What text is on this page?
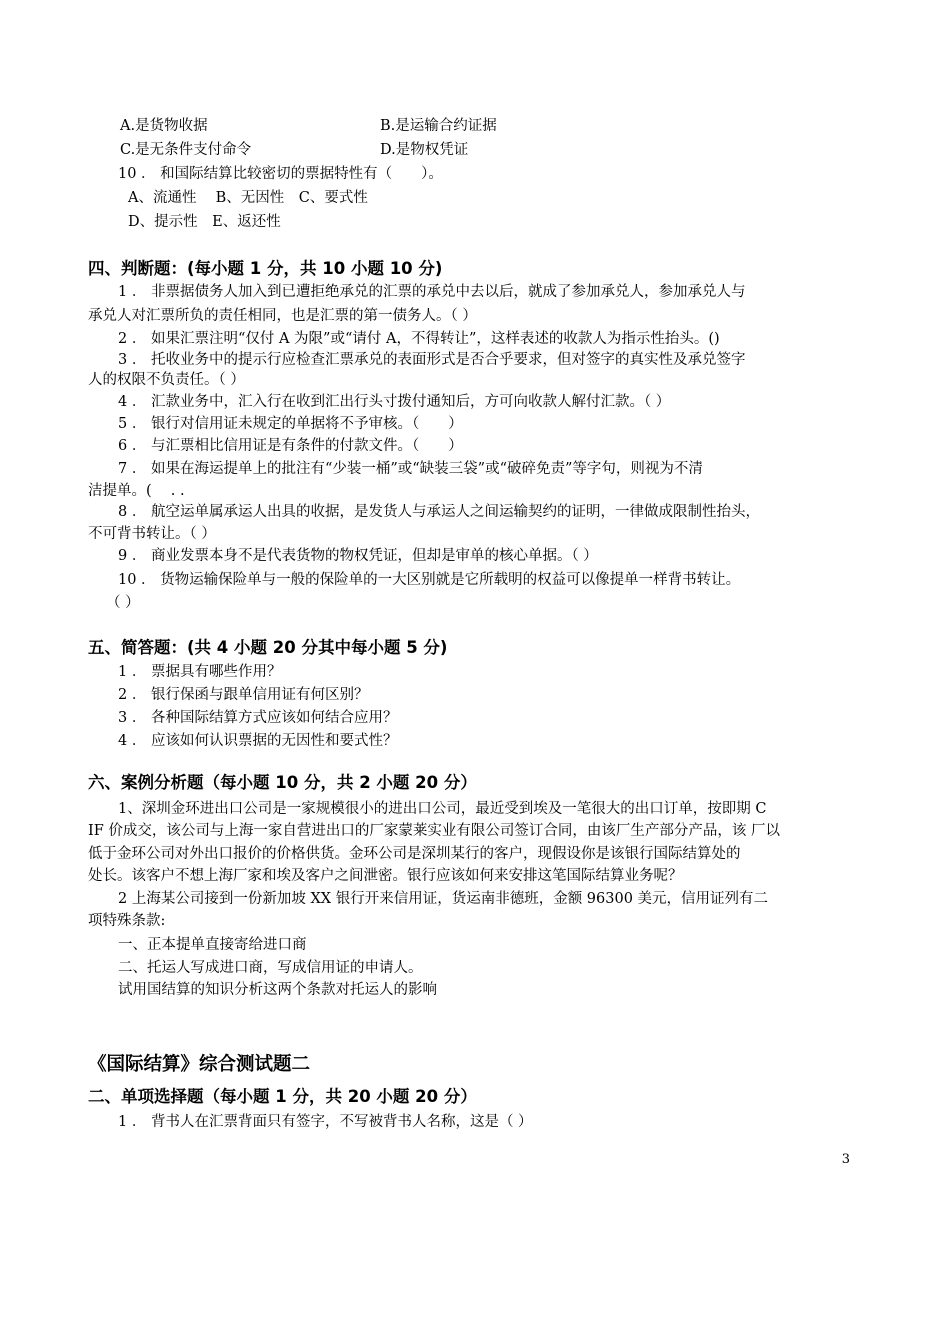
A.是货物收据	B.是运输合约证据
C.是无条件支付命令	D.是物权凭证
10 ． 和国际结算比较密切的票据特性有（　　）。
A、流通性　 B、无因性　C、要式性
D、提示性　E、返还性
四、判断题：(每小题 1 分，共 10 小题 10 分)
1 ． 非票据债务人加入到已遭拒绝承兑的汇票的承兑中去以后，就成了参加承兑人，参加承兑人与
承兑人对汇票所负的责任相同，也是汇票的第一债务人。（ ）
2 ． 如果汇票注明“仅付 A 为限”或“请付 A，不得转让”，这样表述的收款人为指示性抬头。()
3 ． 托收业务中的提示行应检查汇票承兑的表面形式是否合乎要求，但对签字的真实性及承兑签字
人的权限不负责任。（ ）
4 ． 汇款业务中，汇入行在收到汇出行头寸拨付通知后，方可向收款人解付汇款。（ ）
5 ． 银行对信用证未规定的单据将不予审核。（　　）
6 ． 与汇票相比信用证是有条件的付款文件。（　　）
7 ． 如果在海运提单上的批注有“少装一桶”或“缺装三袋”或“破碎免责”等字句，则视为不清
洁提单。( 　. .
8 ． 航空运单属承运人出具的收据，是发货人与承运人之间运输契约的证明，一律做成限制性抬头，
不可背书转让。（ ）
9 ． 商业发票本身不是代表货物的物权凭证，但却是审单的核心单据。（ ）
10 ． 货物运输保险单与一般的保险单的一大区别就是它所载明的权益可以像提单一样背书转让。
（ ）
五、简答题：(共 4 小题 20 分其中每小题 5 分)
1 ． 票据具有哪些作用？
2 ． 银行保函与跟单信用证有何区别？
3 ． 各种国际结算方式应该如何结合应用？
4 ． 应该如何认识票据的无因性和要式性？
六、案例分析题（每小题 10 分，共 2 小题 20 分）
1、深圳金环进出口公司是一家规模很小的进出口公司，最近受到埃及一笔很大的出口订单，按即期 C
IF 价成交，该公司与上海一家自营进出口的厂家蒙莱实业有限公司签订合同，由该厂生产部分产品，该 厂以
低于金环公司对外出口报价的价格供货。金环公司是深圳某行的客户，现假设你是该银行国际结算处的
处长。该客户不想上海厂家和埃及客户之间泄密。银行应该如何来安排这笔国际结算业务呢？
2 上海某公司接到一份新加坡 XX 银行开来信用证，货运南非德班，金额 96300 美元，信用证列有二
项特殊条款:
一、正本提单直接寄给进口商
二、托运人写成进口商，写成信用证的申请人。
试用国结算的知识分析这两个条款对托运人的影响
《国际结算》综合测试题二
二、单项选择题（每小题 1 分，共 20 小题 20 分）
1 ． 背书人在汇票背面只有签字，不写被背书人名称，这是（ ）
3
